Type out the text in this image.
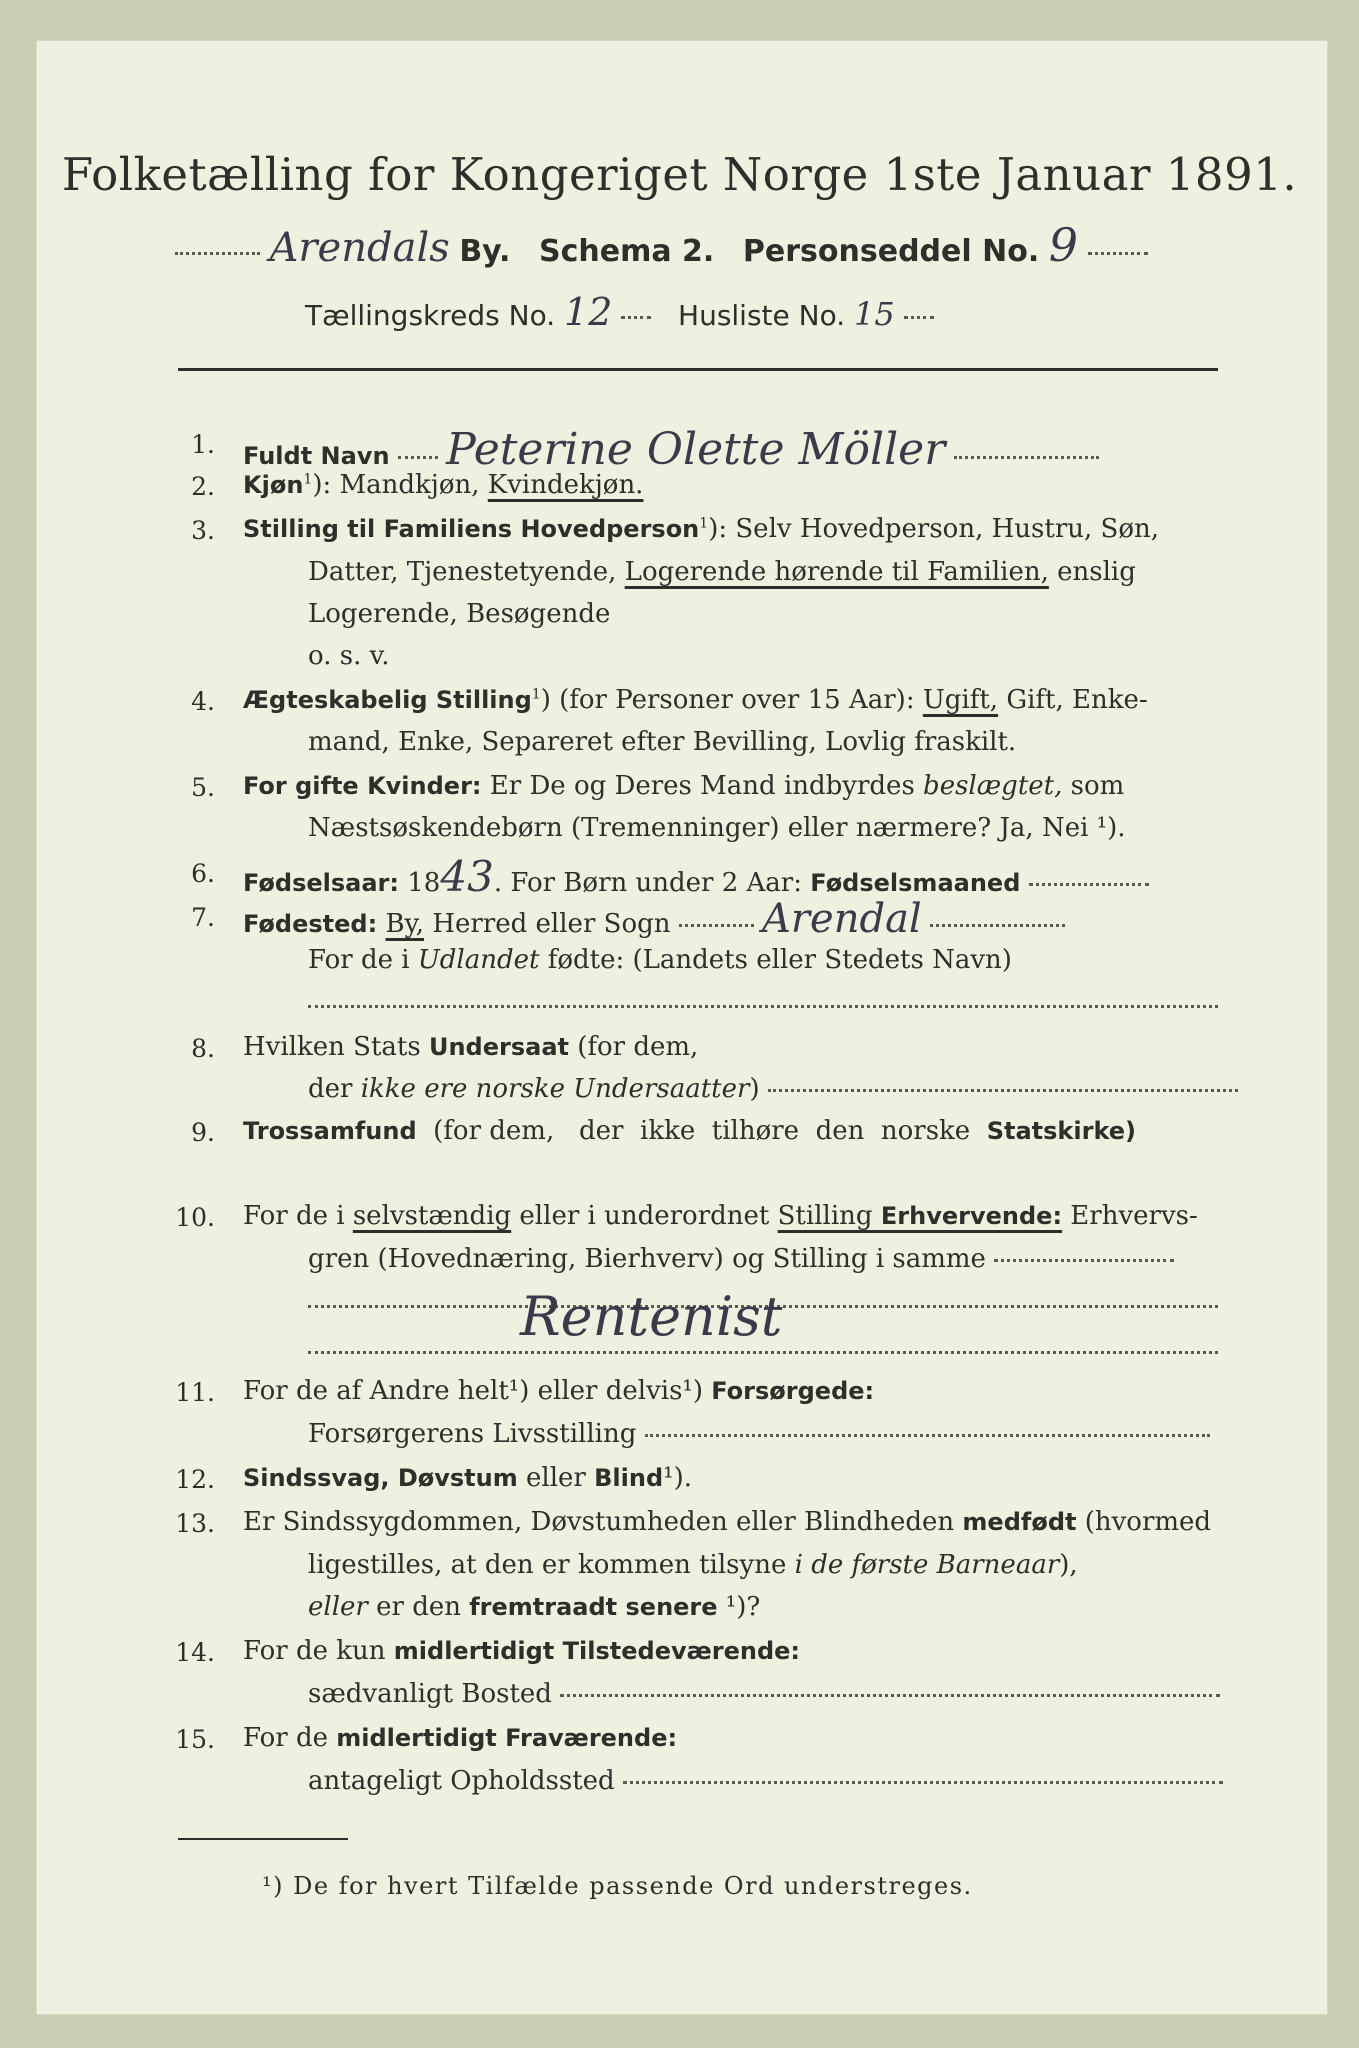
Folketælling for Kongeriget Norge 1ste Januar 1891.
Arendals By. Schema 2. Personseddel No. 9
Tællingskreds No. 12 Husliste No. 15
1. Fuldt Navn Peterine Olette Möller
2. Kjøn$^1$): Mandkjøn, Kvindekjøn.
3. Stilling til Familiens Hovedperson$^1$): Selv Hovedperson, Hustru, Søn,
Datter, Tjenestetyende, Logerende hørende til Familien, enslig
Logerende, Besøgende
o. s. v.
4. Ægteskabelig Stilling$^1$) (for Personer over 15 Aar): Ugift, Gift, Enke-
mand, Enke, Separeret efter Bevilling, Lovlig fraskilt.
5. For gifte Kvinder: Er De og Deres Mand indbyrdes beslægtet, som
Næstsøskendebørn (Tremenninger) eller nærmere? Ja, Nei ¹).
6. Fødselsaar: 1843. For Børn under 2 Aar: Fødselsmaaned
7. Fødested: By, Herred eller Sogn Arendal
For de i Udlandet fødte: (Landets eller Stedets Navn)
8. Hvilken Stats Undersaat (for dem,
der ikke ere norske Undersaatter)
9. Trossamfund  (for dem,   der  ikke  tilhøre  den  norske  Statskirke)
10. For de i selvstændig eller i underordnet Stilling Erhvervende: Erhvervs-
gren (Hovednæring, Bierhverv) og Stilling i samme
Rentenist
11. For de af Andre helt¹) eller delvis¹) Forsørgede:
Forsørgerens Livsstilling
12. Sindssvag, Døvstum eller Blind¹).
13. Er Sindssygdommen, Døvstumheden eller Blindheden medfødt (hvormed
ligestilles, at den er kommen tilsyne i de første Barneaar),
eller er den fremtraadt senere ¹)?
14. For de kun midlertidigt Tilstedeværende:
sædvanligt Bosted
15. For de midlertidigt Fraværende:
antageligt Opholdssted
¹) De for hvert Tilfælde passende Ord understreges.
